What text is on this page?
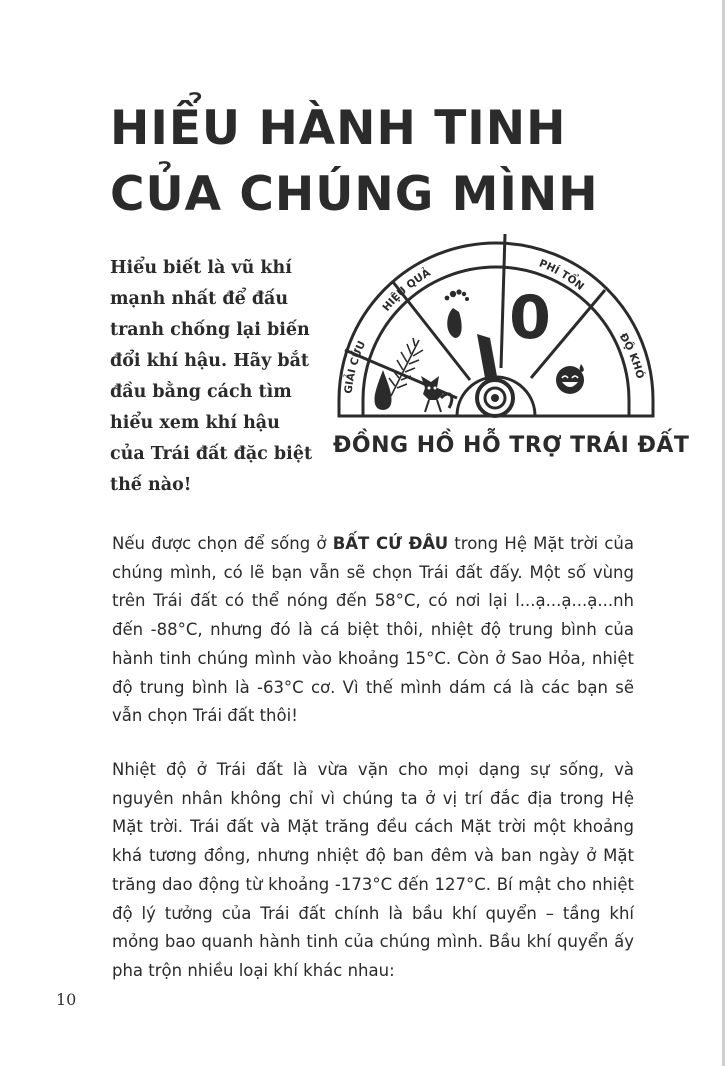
HIỂU HÀNH TINH CỦA CHÚNG MÌNH
Hiểu biết là vũ khí mạnh nhất để đấu tranh chống lại biến đổi khí hậu. Hãy bắt đầu bằng cách tìm hiểu xem khí hậu của Trái đất đặc biệt thế nào!
GIẢI CỨU
HIỆU QUẢ
PHÍ TỔN
ĐỘ KHÓ
0
ĐỒNG HỒ HỖ TRỢ TRÁI ĐẤT

Nếu được chọn để sống ở BẤT CỨ ĐÂU trong Hệ Mặt trời của chúng mình, có lẽ bạn vẫn sẽ chọn Trái đất đấy. Một số vùng trên Trái đất có thể nóng đến 58°C, có nơi lại l...ạ...ạ...ạ...nh đến -88°C, nhưng đó là cá biệt thôi, nhiệt độ trung bình của hành tinh chúng mình vào khoảng 15°C. Còn ở Sao Hỏa, nhiệt độ trung bình là -63°C cơ. Vì thế mình dám cá là các bạn sẽ vẫn chọn Trái đất thôi!

Nhiệt độ ở Trái đất là vừa vặn cho mọi dạng sự sống, và nguyên nhân không chỉ vì chúng ta ở vị trí đắc địa trong Hệ Mặt trời. Trái đất và Mặt trăng đều cách Mặt trời một khoảng khá tương đồng, nhưng nhiệt độ ban đêm và ban ngày ở Mặt trăng dao động từ khoảng -173°C đến 127°C. Bí mật cho nhiệt độ lý tưởng của Trái đất chính là bầu khí quyển – tầng khí mỏng bao quanh hành tinh của chúng mình. Bầu khí quyển ấy pha trộn nhiều loại khí khác nhau:

10
